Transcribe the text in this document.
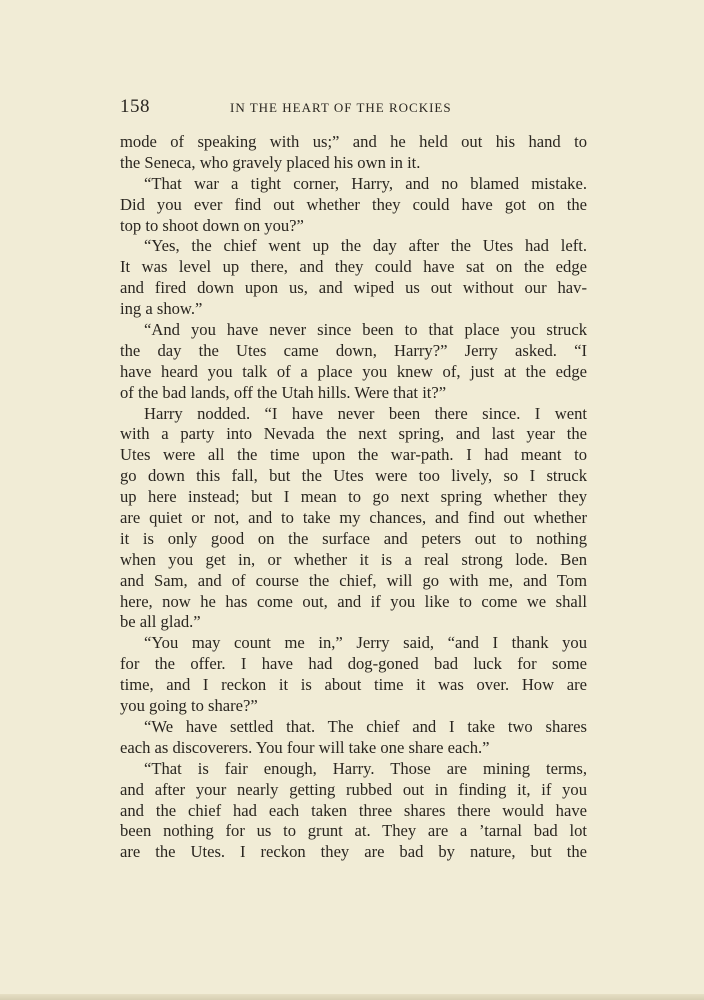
158	IN THE HEART OF THE ROCKIES
mode of speaking with us;” and he held out his hand to
the Seneca, who gravely placed his own in it.
“That war a tight corner, Harry, and no blamed mistake.
Did you ever find out whether they could have got on the
top to shoot down on you?”
“Yes, the chief went up the day after the Utes had left.
It was level up there, and they could have sat on the edge
and fired down upon us, and wiped us out without our hav-
ing a show.”
“And you have never since been to that place you struck
the day the Utes came down, Harry?” Jerry asked. “I
have heard you talk of a place you knew of, just at the edge
of the bad lands, off the Utah hills. Were that it?”
Harry nodded. “I have never been there since. I went
with a party into Nevada the next spring, and last year the
Utes were all the time upon the war-path. I had meant to
go down this fall, but the Utes were too lively, so I struck
up here instead; but I mean to go next spring whether they
are quiet or not, and to take my chances, and find out whether
it is only good on the surface and peters out to nothing
when you get in, or whether it is a real strong lode. Ben
and Sam, and of course the chief, will go with me, and Tom
here, now he has come out, and if you like to come we shall
be all glad.”
“You may count me in,” Jerry said, “and I thank you
for the offer. I have had dog-goned bad luck for some
time, and I reckon it is about time it was over. How are
you going to share?”
“We have settled that. The chief and I take two shares
each as discoverers. You four will take one share each.”
“That is fair enough, Harry. Those are mining terms,
and after your nearly getting rubbed out in finding it, if you
and the chief had each taken three shares there would have
been nothing for us to grunt at. They are a ’tarnal bad lot
are the Utes. I reckon they are bad by nature, but the
